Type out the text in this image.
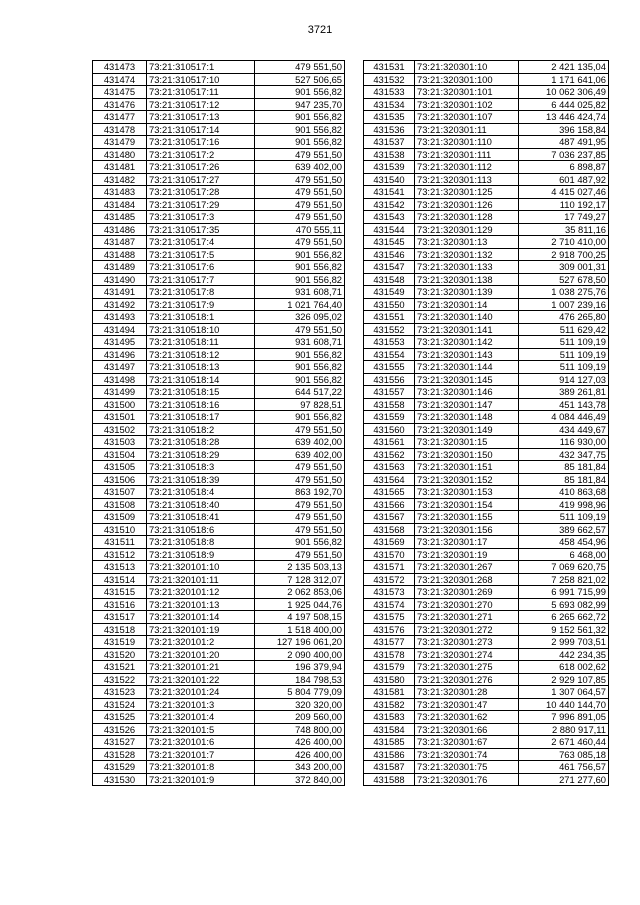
3721
431473	73:21:310517:1	479 551,50
431474	73:21:310517:10	527 506,65
431475	73:21:310517:11	901 556,82
431476	73:21:310517:12	947 235,70
431477	73:21:310517:13	901 556,82
431478	73:21:310517:14	901 556,82
431479	73:21:310517:16	901 556,82
431480	73:21:310517:2	479 551,50
431481	73:21:310517:26	639 402,00
431482	73:21:310517:27	479 551,50
431483	73:21:310517:28	479 551,50
431484	73:21:310517:29	479 551,50
431485	73:21:310517:3	479 551,50
431486	73:21:310517:35	470 555,11
431487	73:21:310517:4	479 551,50
431488	73:21:310517:5	901 556,82
431489	73:21:310517:6	901 556,82
431490	73:21:310517:7	901 556,82
431491	73:21:310517:8	931 608,71
431492	73:21:310517:9	1 021 764,40
431493	73:21:310518:1	326 095,02
431494	73:21:310518:10	479 551,50
431495	73:21:310518:11	931 608,71
431496	73:21:310518:12	901 556,82
431497	73:21:310518:13	901 556,82
431498	73:21:310518:14	901 556,82
431499	73:21:310518:15	644 517,22
431500	73:21:310518:16	97 828,51
431501	73:21:310518:17	901 556,82
431502	73:21:310518:2	479 551,50
431503	73:21:310518:28	639 402,00
431504	73:21:310518:29	639 402,00
431505	73:21:310518:3	479 551,50
431506	73:21:310518:39	479 551,50
431507	73:21:310518:4	863 192,70
431508	73:21:310518:40	479 551,50
431509	73:21:310518:41	479 551,50
431510	73:21:310518:6	479 551,50
431511	73:21:310518:8	901 556,82
431512	73:21:310518:9	479 551,50
431513	73:21:320101:10	2 135 503,13
431514	73:21:320101:11	7 128 312,07
431515	73:21:320101:12	2 062 853,06
431516	73:21:320101:13	1 925 044,76
431517	73:21:320101:14	4 197 508,15
431518	73:21:320101:19	1 518 400,00
431519	73:21:320101:2	127 196 061,20
431520	73:21:320101:20	2 090 400,00
431521	73:21:320101:21	196 379,94
431522	73:21:320101:22	184 798,53
431523	73:21:320101:24	5 804 779,09
431524	73:21:320101:3	320 320,00
431525	73:21:320101:4	209 560,00
431526	73:21:320101:5	748 800,00
431527	73:21:320101:6	426 400,00
431528	73:21:320101:7	426 400,00
431529	73:21:320101:8	343 200,00
431530	73:21:320101:9	372 840,00
431531	73:21:320301:10	2 421 135,04
431532	73:21:320301:100	1 171 641,06
431533	73:21:320301:101	10 062 306,49
431534	73:21:320301:102	6 444 025,82
431535	73:21:320301:107	13 446 424,74
431536	73:21:320301:11	396 158,84
431537	73:21:320301:110	487 491,95
431538	73:21:320301:111	7 036 237,85
431539	73:21:320301:112	6 898,87
431540	73:21:320301:113	601 487,92
431541	73:21:320301:125	4 415 027,46
431542	73:21:320301:126	110 192,17
431543	73:21:320301:128	17 749,27
431544	73:21:320301:129	35 811,16
431545	73:21:320301:13	2 710 410,00
431546	73:21:320301:132	2 918 700,25
431547	73:21:320301:133	309 001,31
431548	73:21:320301:138	527 678,50
431549	73:21:320301:139	1 038 275,76
431550	73:21:320301:14	1 007 239,16
431551	73:21:320301:140	476 265,80
431552	73:21:320301:141	511 629,42
431553	73:21:320301:142	511 109,19
431554	73:21:320301:143	511 109,19
431555	73:21:320301:144	511 109,19
431556	73:21:320301:145	914 127,03
431557	73:21:320301:146	389 261,81
431558	73:21:320301:147	451 143,78
431559	73:21:320301:148	4 084 446,49
431560	73:21:320301:149	434 449,67
431561	73:21:320301:15	116 930,00
431562	73:21:320301:150	432 347,75
431563	73:21:320301:151	85 181,84
431564	73:21:320301:152	85 181,84
431565	73:21:320301:153	410 863,68
431566	73:21:320301:154	419 998,96
431567	73:21:320301:155	511 109,19
431568	73:21:320301:156	389 662,57
431569	73:21:320301:17	458 454,96
431570	73:21:320301:19	6 468,00
431571	73:21:320301:267	7 069 620,75
431572	73:21:320301:268	7 258 821,02
431573	73:21:320301:269	6 991 715,99
431574	73:21:320301:270	5 693 082,99
431575	73:21:320301:271	6 265 662,72
431576	73:21:320301:272	9 152 561,32
431577	73:21:320301:273	2 999 703,51
431578	73:21:320301:274	442 234,35
431579	73:21:320301:275	618 002,62
431580	73:21:320301:276	2 929 107,85
431581	73:21:320301:28	1 307 064,57
431582	73:21:320301:47	10 440 144,70
431583	73:21:320301:62	7 996 891,05
431584	73:21:320301:66	2 880 917,11
431585	73:21:320301:67	2 671 460,44
431586	73:21:320301:74	763 085,18
431587	73:21:320301:75	461 756,57
431588	73:21:320301:76	271 277,60
